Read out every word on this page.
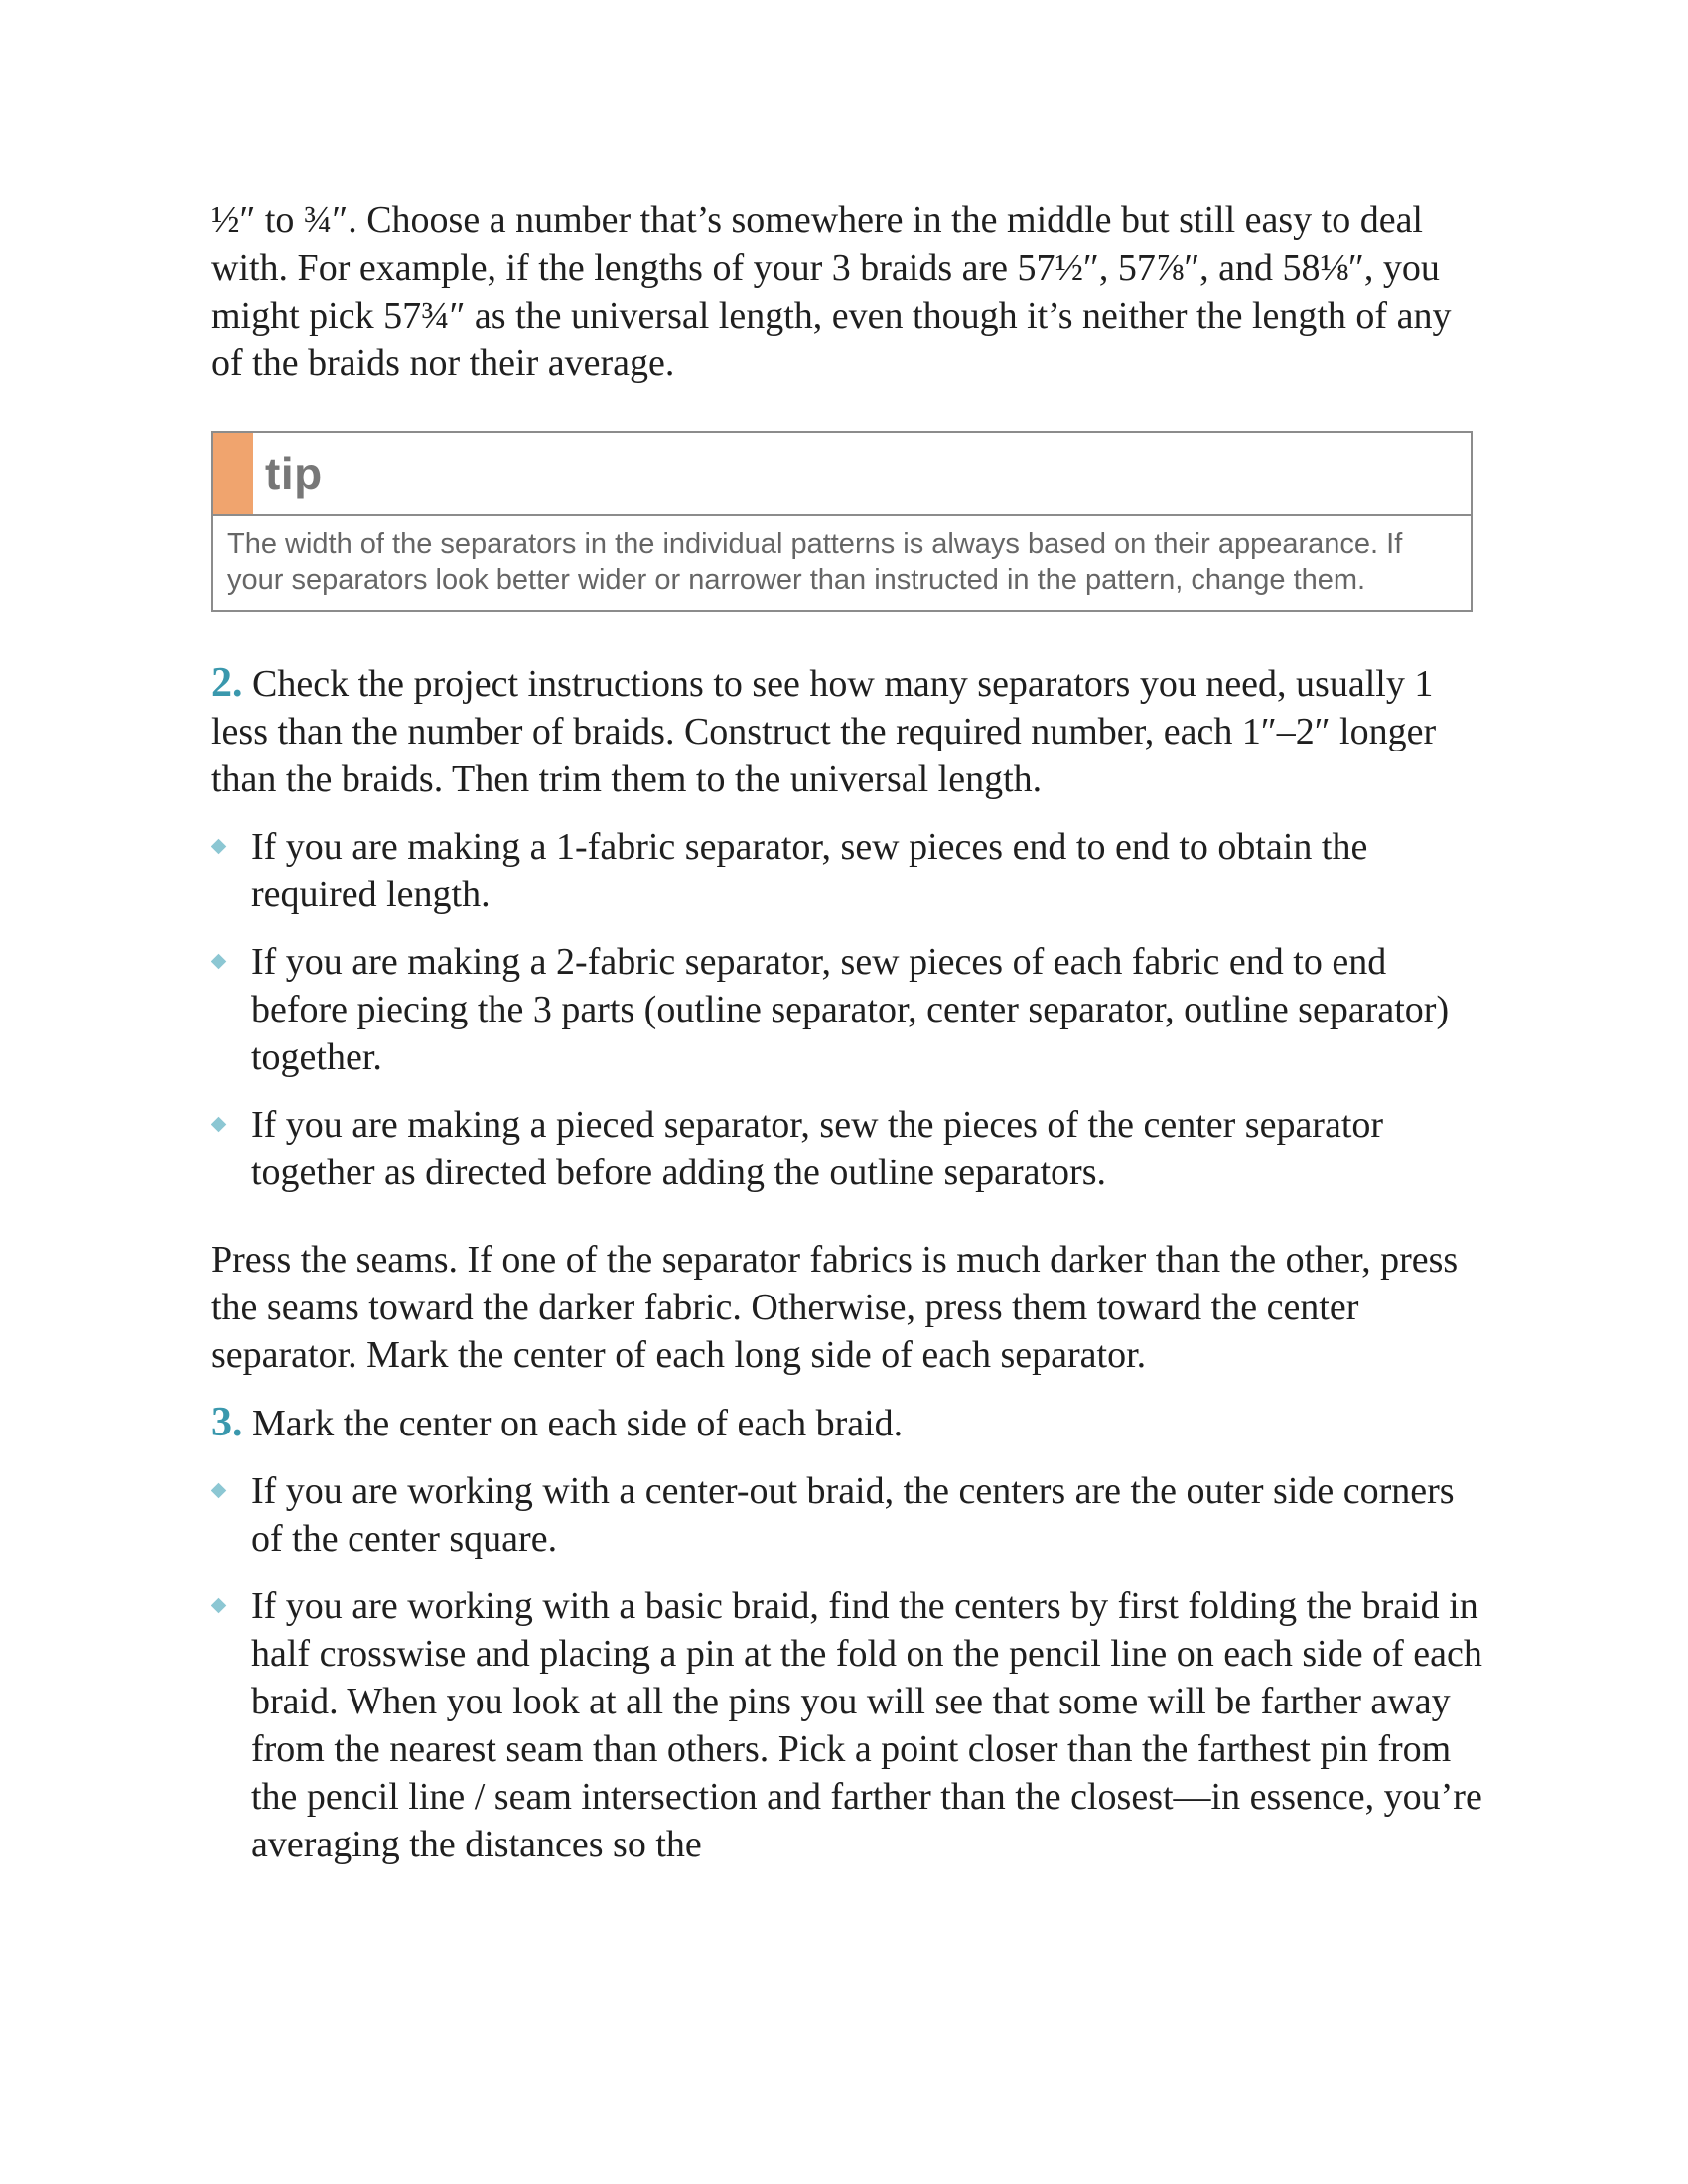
½″ to ¾″. Choose a number that’s somewhere in the middle but still easy to deal with. For example, if the lengths of your 3 braids are 57½″, 57⅞″, and 58⅛″, you might pick 57¾″ as the universal length, even though it’s neither the length of any of the braids nor their average.

tip
The width of the separators in the individual patterns is always based on their appearance. If your separators look better wider or narrower than instructed in the pattern, change them.

2. Check the project instructions to see how many separators you need, usually 1 less than the number of braids. Construct the required number, each 1″–2″ longer than the braids. Then trim them to the universal length.

If you are making a 1-fabric separator, sew pieces end to end to obtain the required length.
If you are making a 2-fabric separator, sew pieces of each fabric end to end before piecing the 3 parts (outline separator, center separator, outline separator) together.
If you are making a pieced separator, sew the pieces of the center separator together as directed before adding the outline separators.

Press the seams. If one of the separator fabrics is much darker than the other, press the seams toward the darker fabric. Otherwise, press them toward the center separator. Mark the center of each long side of each separator.

3. Mark the center on each side of each braid.

If you are working with a center-out braid, the centers are the outer side corners of the center square.
If you are working with a basic braid, find the centers by first folding the braid in half crosswise and placing a pin at the fold on the pencil line on each side of each braid. When you look at all the pins you will see that some will be farther away from the nearest seam than others. Pick a point closer than the farthest pin from the pencil line / seam intersection and farther than the closest—in essence, you’re averaging the distances so the
